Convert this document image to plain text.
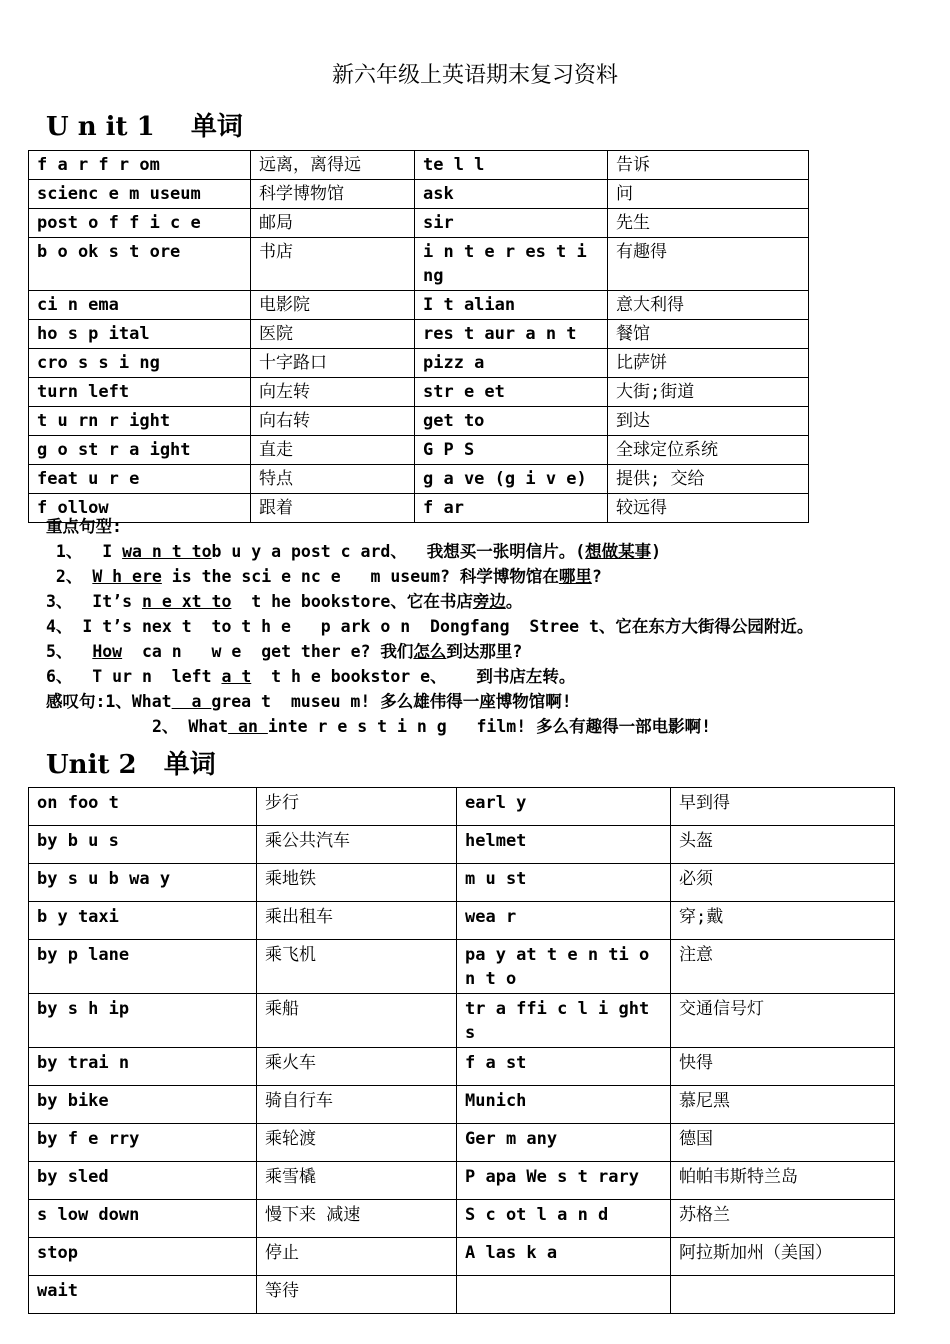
新六年级上英语期末复习资料
U n it 1    单词
f a r f r om	远离，离得远	te l l	告诉
scienc e m useum	科学博物馆	ask	问
post o f f i c e	邮局	sir	先生
b o ok s t ore	书店	i n t e r es t i ng	有趣得
ci n ema	电影院	I t alian	意大利得
ho s p ital	医院	res t aur a n t	餐馆
cro s s i ng	十字路口	pizz a	比萨饼
turn left	向左转	str e et	大街;街道
t u rn r ight	向右转	get to	到达
g o st r a ight	直走	G P S	全球定位系统
feat u r e	特点	g a ve (g i v e)	提供; 交给
f ollow	跟着	f ar	较远得
重点句型:
1、  I wa n t tob u y a post c ard、  我想买一张明信片。(想做某事)
2、 W h ere is the sci e nc e   m useum? 科学博物馆在哪里?
3、  It’s n e xt to  t he bookstore、它在书店旁边。
4、 I t’s nex t  to t h e   p ark o n  Dongfang  Stree t、它在东方大街得公园附近。
5、  How  ca n   w e  get ther e? 我们怎么到达那里?
6、  T ur n  left a t  t h e bookstor e、   到书店左转。
感叹句:1、What  a grea t  museu m! 多么雄伟得一座博物馆啊!
2、 What an inte r e s t i n g   film! 多么有趣得一部电影啊!
Unit 2   单词
on foo t	步行	earl y	早到得
by b u s	乘公共汽车	helmet	头盔
by s u b wa y	乘地铁	m u st	必须
b y taxi	乘出租车	wea r	穿;戴
by p lane	乘飞机	pa y at t e n ti o n t o	注意
by s h ip	乘船	tr a ffi c l i ght s	交通信号灯
by trai n	乘火车	f a st	快得
by bike	骑自行车	Munich	慕尼黑
by f e rry	乘轮渡	Ger m any	德国
by sled	乘雪橇	P apa We s t rary	帕帕韦斯特兰岛
s low down	慢下来 减速	S c ot l a n d	苏格兰
stop	停止	A las k a	阿拉斯加州（美国）
wait	等待		
